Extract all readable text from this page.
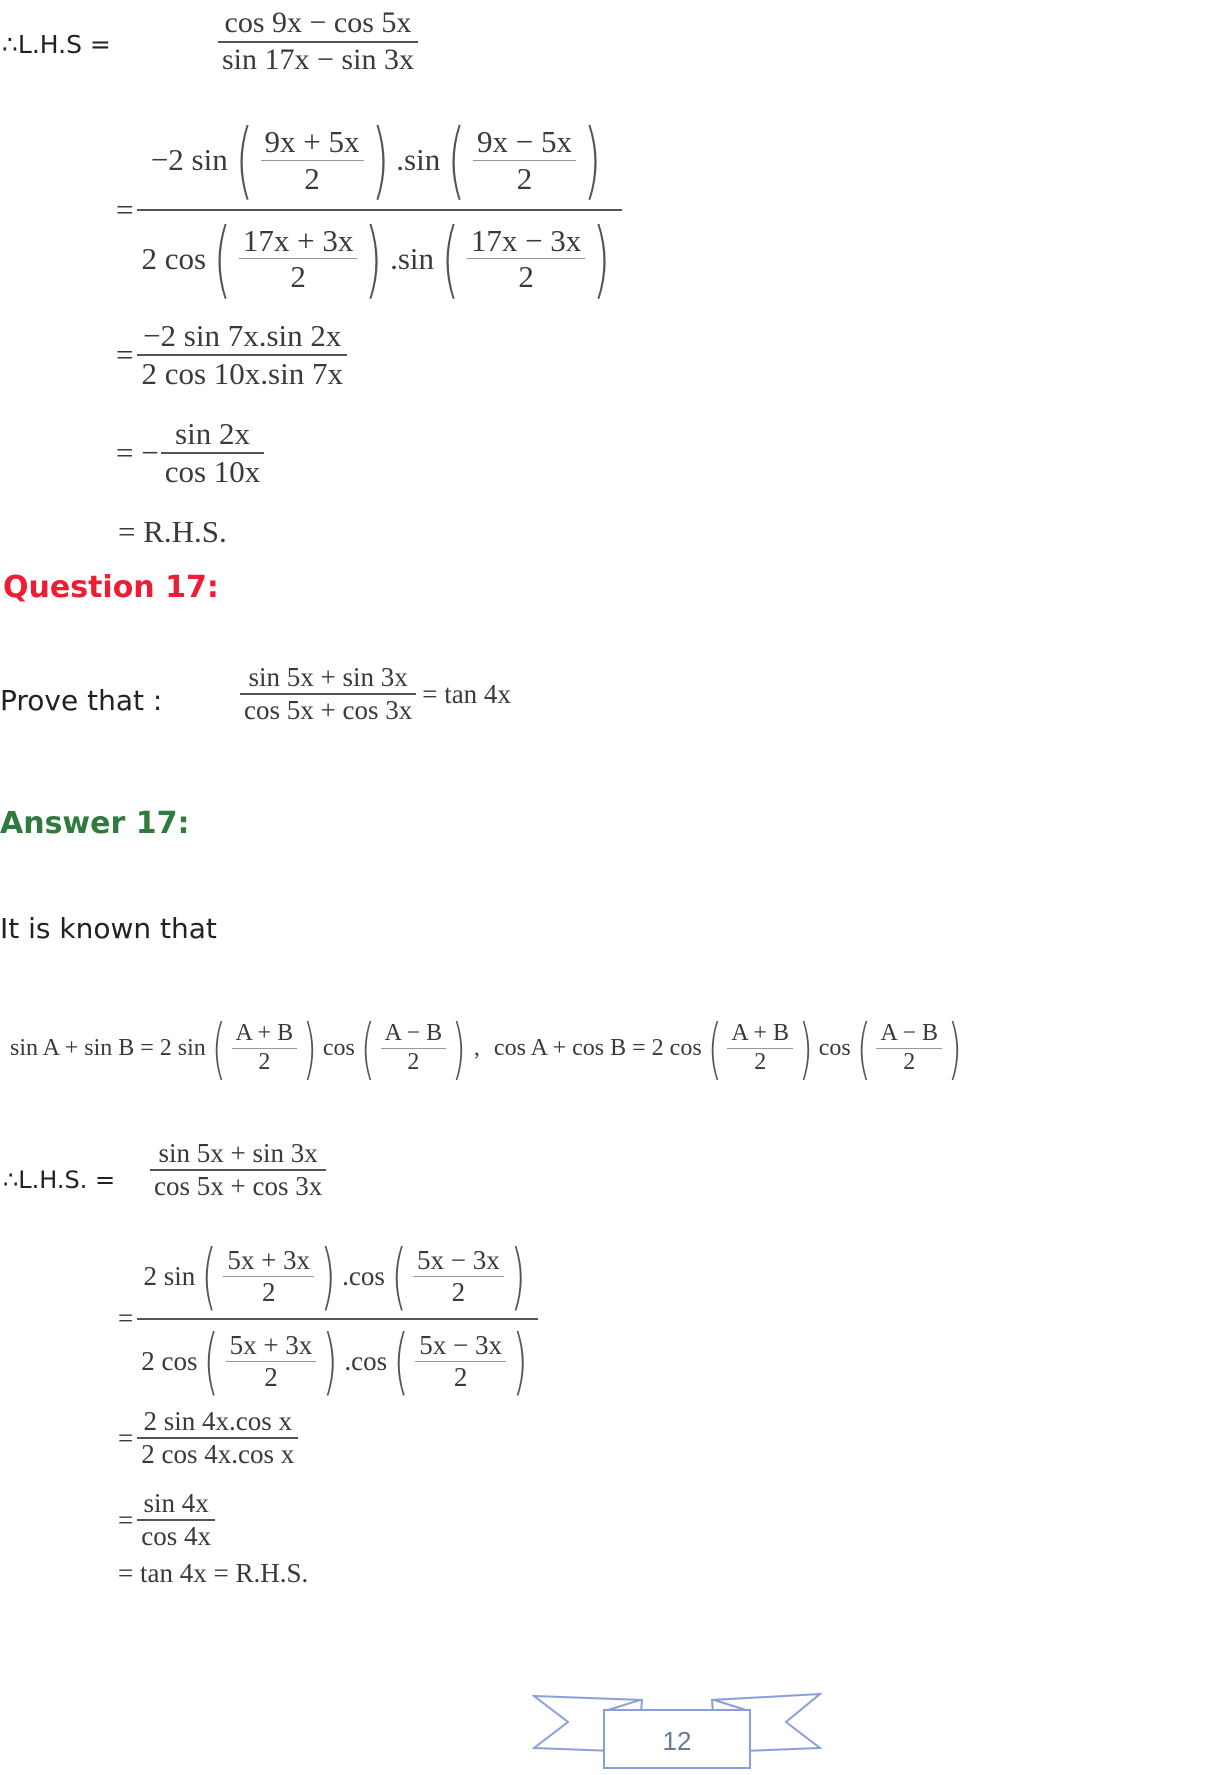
∴L.H.S =	$\frac{\cos 9x - \cos 5x}{\sin 17x - \sin 3x}$
=
−2 sin ( $\frac{9x + 5x}{2}$ ) .sin ( $\frac{9x - 5x}{2}$ )
2 cos ( $\frac{17x + 3x}{2}$ ) .sin ( $\frac{17x - 3x}{2}$ )
= $\frac{-2 \sin 7x.\sin 2x}{2 \cos 10x.\sin 7x}$
= − $\frac{\sin 2x}{\cos 10x}$
= R.H.S.
Question 17:
Prove that :	$\frac{\sin 5x + \sin 3x}{\cos 5x + \cos 3x} = \tan 4x$
Answer 17:
It is known that
sin A + sin B = 2 sin ( $\frac{A + B}{2}$ ) cos ( $\frac{A - B}{2}$ ) , cos A + cos B = 2 cos ( $\frac{A + B}{2}$ ) cos ( $\frac{A - B}{2}$ )
∴L.H.S. = $\frac{\sin 5x + \sin 3x}{\cos 5x + \cos 3x}$
=
2 sin ( $\frac{5x + 3x}{2}$ ) .cos ( $\frac{5x - 3x}{2}$ )
2 cos ( $\frac{5x + 3x}{2}$ ) .cos ( $\frac{5x - 3x}{2}$ )
= $\frac{\text{2 sin 4x.cos x}}{\text{2 cos 4x.cos x}}$
= $\frac{\sin 4x}{\cos 4x}$
= tan 4x = R.H.S.
12
